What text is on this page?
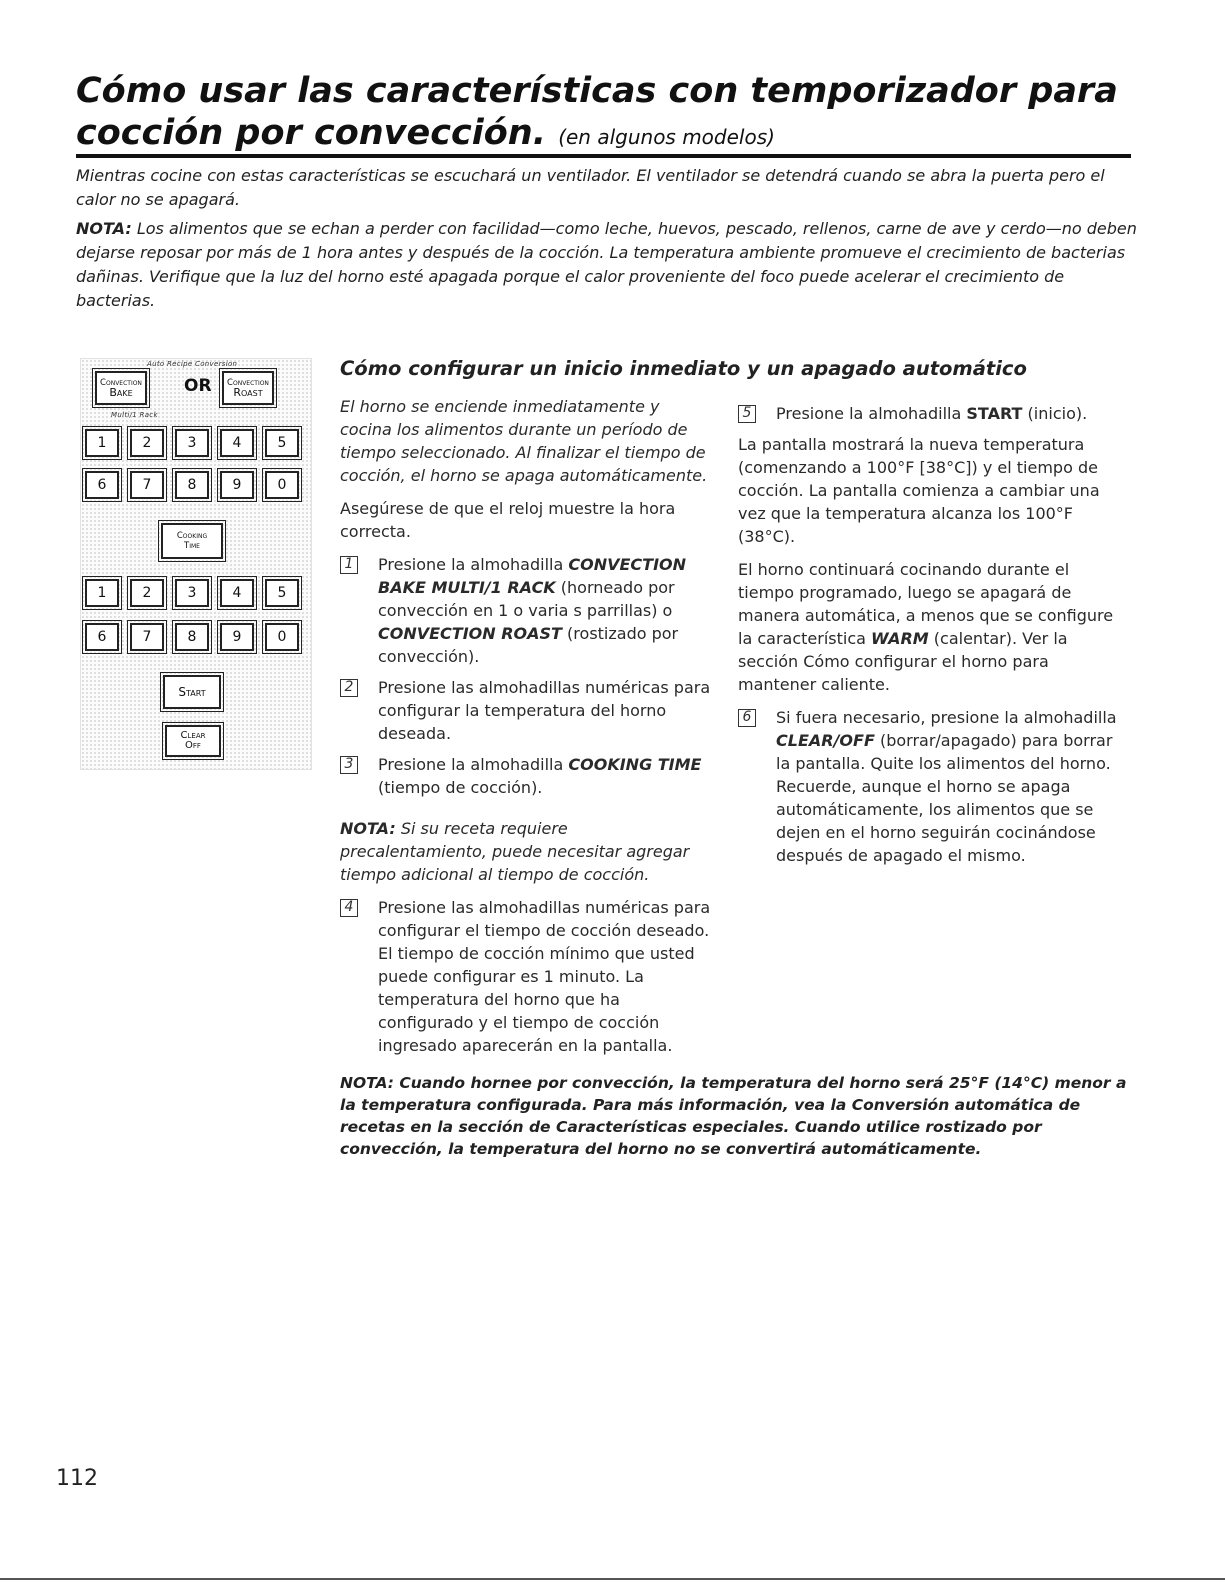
Cómo usar las características con temporizador para cocción por convección. (en algunos modelos)

Mientras cocine con estas características se escuchará un ventilador. El ventilador se detendrá cuando se abra la puerta pero el calor no se apagará.

NOTA: Los alimentos que se echan a perder con facilidad—como leche, huevos, pescado, rellenos, carne de ave y cerdo—no deben dejarse reposar por más de 1 hora antes y después de la cocción. La temperatura ambiente promueve el crecimiento de bacterias dañinas. Verifique que la luz del horno esté apagada porque el calor proveniente del foco puede acelerar el crecimiento de bacterias.

Auto Recipe Conversion
Convection
Bake	OR Convection
Roast
Multi/1 Rack
1	2	3	4	5
6	7	8	9	0
Cooking
Time
1	2	3	4	5
6	7	8	9	0
Start
Clear
Off
Cómo configurar un inicio inmediato y un apagado automático

El horno se enciende inmediatamente y cocina los alimentos durante un período de tiempo seleccionado. Al finalizar el tiempo de cocción, el horno se apaga automáticamente.

Asegúrese de que el reloj muestre la hora correcta.

1 Presione la almohadilla CONVECTION BAKE MULTI/1 RACK (horneado por convección en 1 o varia s parrillas) o CONVECTION ROAST (rostizado por convección).
2 Presione las almohadillas numéricas para configurar la temperatura del horno deseada.
3 Presione la almohadilla COOKING TIME (tiempo de cocción).

NOTA: Si su receta requiere precalentamiento, puede necesitar agregar tiempo adicional al tiempo de cocción.

4 Presione las almohadillas numéricas para configurar el tiempo de cocción deseado. El tiempo de cocción mínimo que usted puede configurar es 1 minuto. La temperatura del horno que ha configurado y el tiempo de cocción ingresado aparecerán en la pantalla.
5 Presione la almohadilla START (inicio).

La pantalla mostrará la nueva temperatura (comenzando a 100°F [38°C]) y el tiempo de cocción. La pantalla comienza a cambiar una vez que la temperatura alcanza los 100°F (38°C).

El horno continuará cocinando durante el tiempo programado, luego se apagará de manera automática, a menos que se configure la característica WARM (calentar). Ver la sección Cómo configurar el horno para mantener caliente.

6 Si fuera necesario, presione la almohadilla CLEAR/OFF (borrar/apagado) para borrar la pantalla. Quite los alimentos del horno. Recuerde, aunque el horno se apaga automáticamente, los alimentos que se dejen en el horno seguirán cocinándose después de apagado el mismo.

NOTA: Cuando hornee por convección, la temperatura del horno será 25°F (14°C) menor a la temperatura configurada. Para más información, vea la Conversión automática de recetas en la sección de Características especiales. Cuando utilice rostizado por convección, la temperatura del horno no se convertirá automáticamente.

112
